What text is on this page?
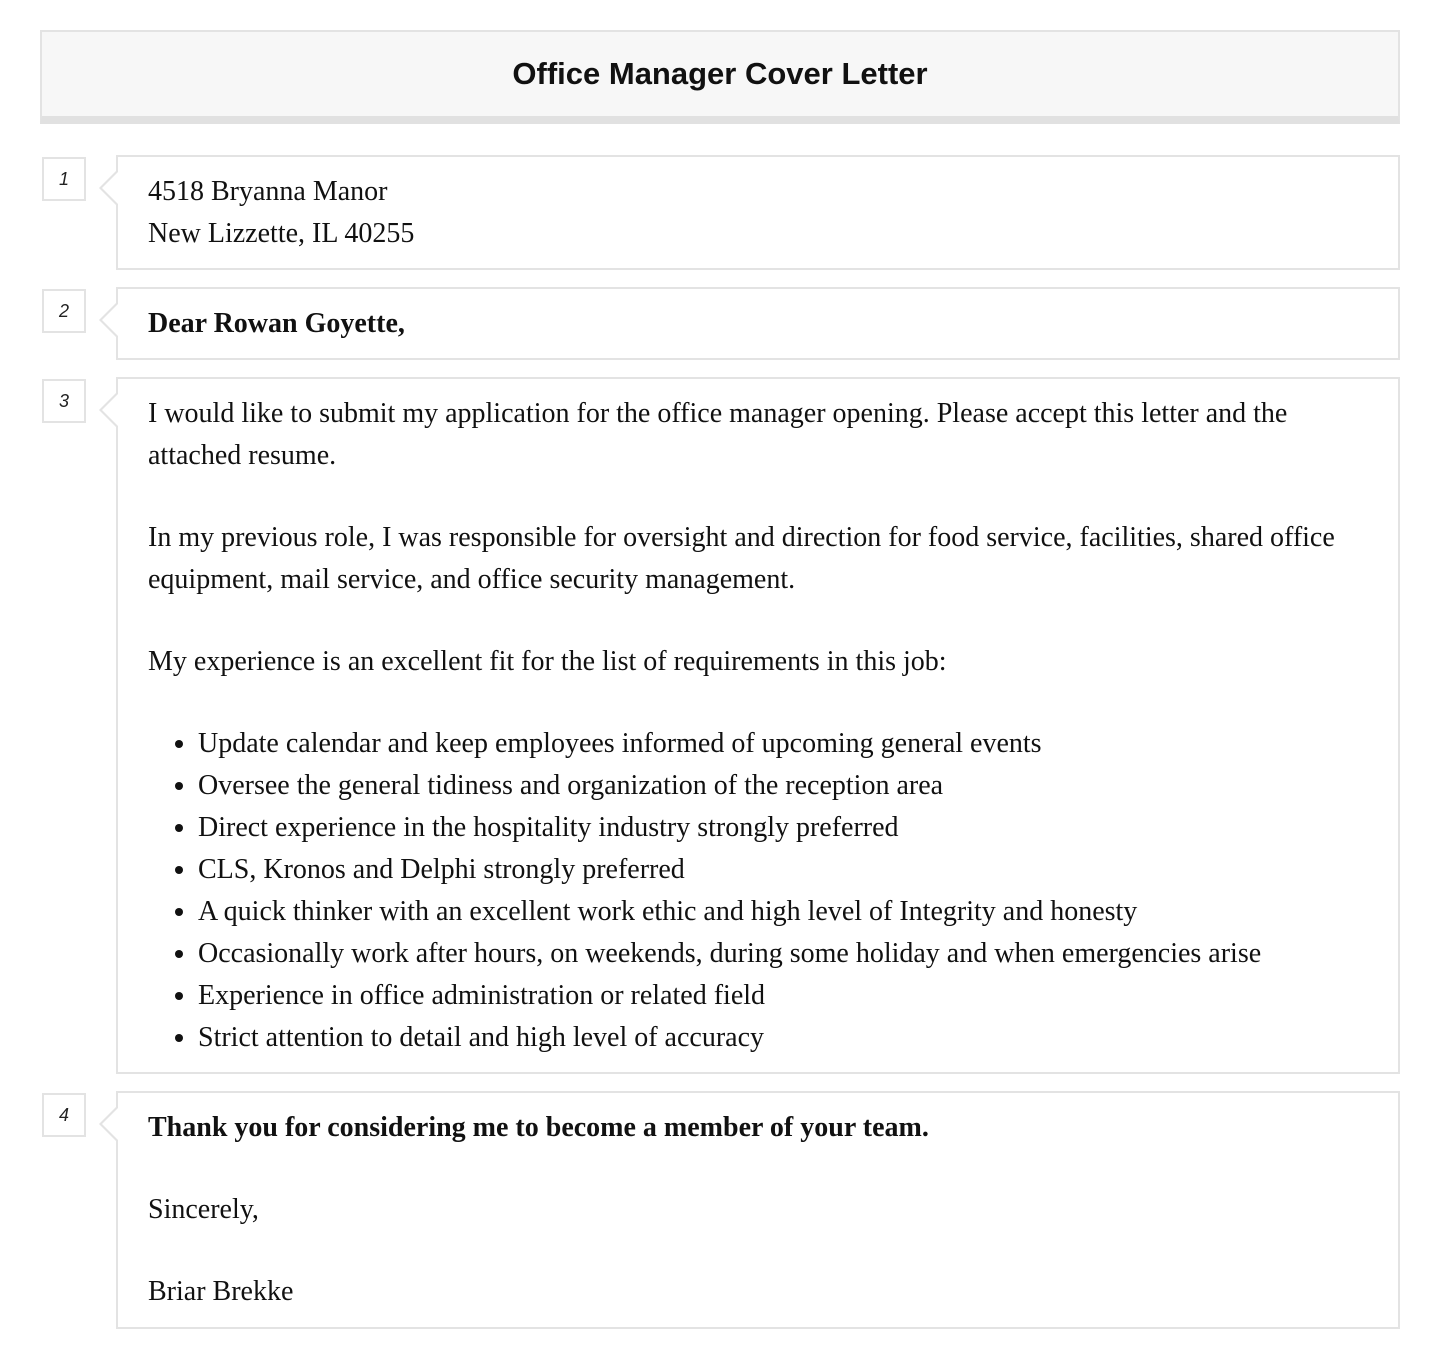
Office Manager Cover Letter
1	4518 Bryanna Manor

New Lizzette, IL 40255

2	Dear Rowan Goyette,

3	I would like to submit my application for the office manager opening. Please accept this letter and the attached resume.

In my previous role, I was responsible for oversight and direction for food service, facilities, shared office equipment, mail service, and office security management.

My experience is an excellent fit for the list of requirements in this job:

• Update calendar and keep employees informed of upcoming general events
• Oversee the general tidiness and organization of the reception area
• Direct experience in the hospitality industry strongly preferred
• CLS, Kronos and Delphi strongly preferred
• A quick thinker with an excellent work ethic and high level of Integrity and honesty
• Occasionally work after hours, on weekends, during some holiday and when emergencies arise
• Experience in office administration or related field
• Strict attention to detail and high level of accuracy
4	Thank you for considering me to become a member of your team.

Sincerely,

Briar Brekke
